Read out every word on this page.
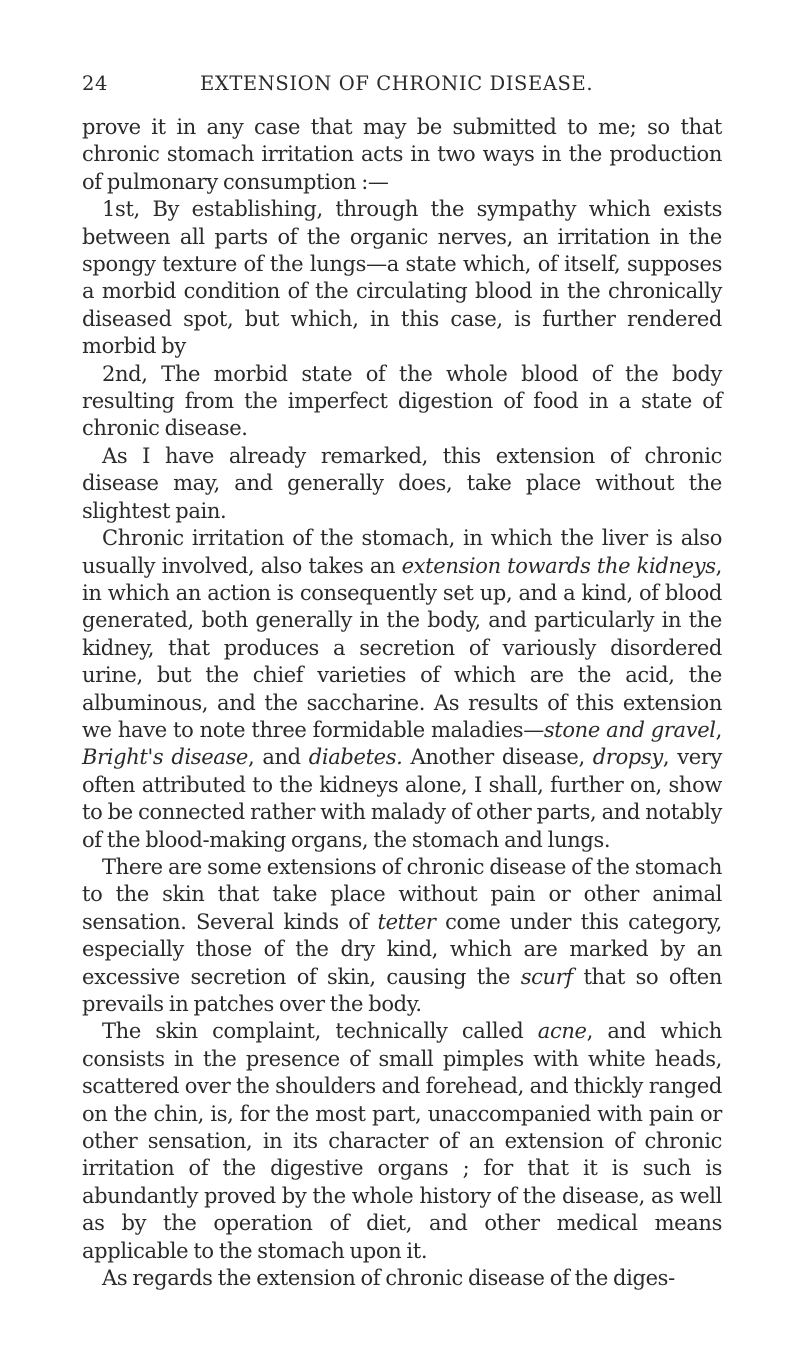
24	EXTENSION OF CHRONIC DISEASE.

prove it in any case that may be submitted to me; so that chronic stomach irritation acts in two ways in the production of pulmonary consumption :—

1st, By establishing, through the sympathy which exists between all parts of the organic nerves, an irritation in the spongy texture of the lungs—a state which, of itself, supposes a morbid condition of the circulating blood in the chronically diseased spot, but which, in this case, is further rendered morbid by

2nd, The morbid state of the whole blood of the body resulting from the imperfect digestion of food in a state of chronic disease.

As I have already remarked, this extension of chronic disease may, and generally does, take place without the slightest pain.

Chronic irritation of the stomach, in which the liver is also usually involved, also takes an extension towards the kidneys, in which an action is consequently set up, and a kind, of blood generated, both generally in the body, and particularly in the kidney, that produces a secretion of variously disordered urine, but the chief varieties of which are the acid, the albuminous, and the saccharine. As results of this extension we have to note three formidable maladies—stone and gravel, Bright's disease, and diabetes. Another disease, dropsy, very often attributed to the kidneys alone, I shall, further on, show to be connected rather with malady of other parts, and notably of the blood-making organs, the stomach and lungs.

There are some extensions of chronic disease of the stomach to the skin that take place without pain or other animal sensation. Several kinds of tetter come under this category, especially those of the dry kind, which are marked by an excessive secretion of skin, causing the scurf that so often prevails in patches over the body.

The skin complaint, technically called acne, and which consists in the presence of small pimples with white heads, scattered over the shoulders and forehead, and thickly ranged on the chin, is, for the most part, unaccompanied with pain or other sensation, in its character of an extension of chronic irritation of the digestive organs ; for that it is such is abundantly proved by the whole history of the disease, as well as by the operation of diet, and other medical means applicable to the stomach upon it.

As regards the extension of chronic disease of the diges-
